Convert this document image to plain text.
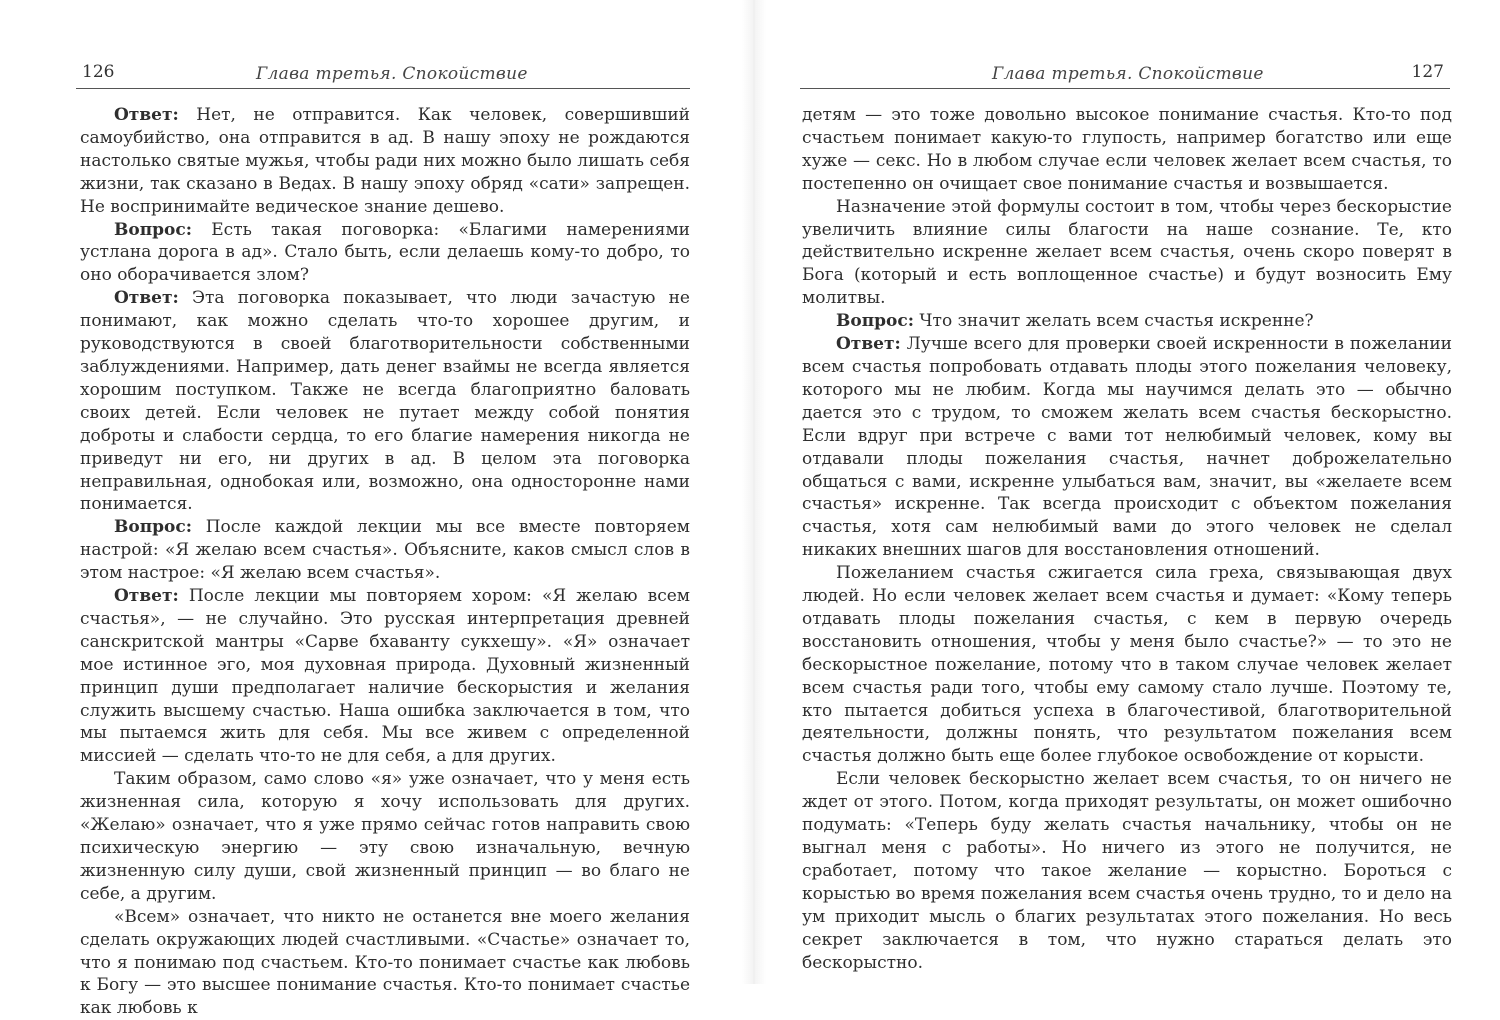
126	Глава третья. Спокойствие

Ответ: Нет, не отправится. Как человек, совершивший самоубийство, она отправится в ад. В нашу эпоху не рождаются настолько святые мужья, чтобы ради них можно было лишать себя жизни, так сказано в Ведах. В нашу эпоху обряд «сати» запрещен. Не воспринимайте ведическое знание дешево.

Вопрос: Есть такая поговорка: «Благими намерениями устлана дорога в ад». Стало быть, если делаешь кому-то добро, то оно оборачивается злом?

Ответ: Эта поговорка показывает, что люди зачастую не понимают, как можно сделать что-то хорошее другим, и руководствуются в своей благотворительности собственными заблуждениями. Например, дать денег взаймы не всегда является хорошим поступком. Также не всегда благоприятно баловать своих детей. Если человек не путает между собой понятия доброты и слабости сердца, то его благие намерения никогда не приведут ни его, ни других в ад. В целом эта поговорка неправильная, однобокая или, возможно, она односторонне нами понимается.

Вопрос: После каждой лекции мы все вместе повторяем настрой: «Я желаю всем счастья». Объясните, каков смысл слов в этом настрое: «Я желаю всем счастья».

Ответ: После лекции мы повторяем хором: «Я желаю всем счастья», — не случайно. Это русская интерпретация древней санскритской мантры «Сарве бхаванту сукхешу». «Я» означает мое истинное эго, моя духовная природа. Духовный жизненный принцип души предполагает наличие бескорыстия и желания служить высшему счастью. Наша ошибка заключается в том, что мы пытаемся жить для себя. Мы все живем с определенной миссией — сделать что-то не для себя, а для других.

Таким образом, само слово «я» уже означает, что у меня есть жизненная сила, которую я хочу использовать для других. «Желаю» означает, что я уже прямо сейчас готов направить свою психическую энергию — эту свою изначальную, вечную жизненную силу души, свой жизненный принцип — во благо не себе, а другим.

«Всем» означает, что никто не останется вне моего желания сделать окружающих людей счастливыми. «Счастье» означает то, что я понимаю под счастьем. Кто-то понимает счастье как любовь к Богу — это высшее понимание счастья. Кто-то понимает счастье как любовь к

Глава третья. Спокойствие	127

детям — это тоже довольно высокое понимание счастья. Кто-то под счастьем понимает какую-то глупость, например богатство или еще хуже — секс. Но в любом случае если человек желает всем счастья, то постепенно он очищает свое понимание счастья и возвышается.

Назначение этой формулы состоит в том, чтобы через бескорыстие увеличить влияние силы благости на наше сознание. Те, кто действительно искренне желает всем счастья, очень скоро поверят в Бога (который и есть воплощенное счастье) и будут возносить Ему молитвы.

Вопрос: Что значит желать всем счастья искренне?

Ответ: Лучше всего для проверки своей искренности в пожелании всем счастья попробовать отдавать плоды этого пожелания человеку, которого мы не любим. Когда мы научимся делать это — обычно дается это с трудом, то сможем желать всем счастья бескорыстно. Если вдруг при встрече с вами тот нелюбимый человек, кому вы отдавали плоды пожелания счастья, начнет доброжелательно общаться с вами, искренне улыбаться вам, значит, вы «желаете всем счастья» искренне. Так всегда происходит с объектом пожелания счастья, хотя сам нелюбимый вами до этого человек не сделал никаких внешних шагов для восстановления отношений.

Пожеланием счастья сжигается сила греха, связывающая двух людей. Но если человек желает всем счастья и думает: «Кому теперь отдавать плоды пожелания счастья, с кем в первую очередь восстановить отношения, чтобы у меня было счастье?» — то это не бескорыстное пожелание, потому что в таком случае человек желает всем счастья ради того, чтобы ему самому стало лучше. Поэтому те, кто пытается добиться успеха в благочестивой, благотворительной деятельности, должны понять, что результатом пожелания всем счастья должно быть еще более глубокое освобождение от корысти.

Если человек бескорыстно желает всем счастья, то он ничего не ждет от этого. Потом, когда приходят результаты, он может ошибочно подумать: «Теперь буду желать счастья начальнику, чтобы он не выгнал меня с работы». Но ничего из этого не получится, не сработает, потому что такое желание — корыстно. Бороться с корыстью во время пожелания всем счастья очень трудно, то и дело на ум приходит мысль о благих результатах этого пожелания. Но весь секрет заключается в том, что нужно стараться делать это бескорыстно.
